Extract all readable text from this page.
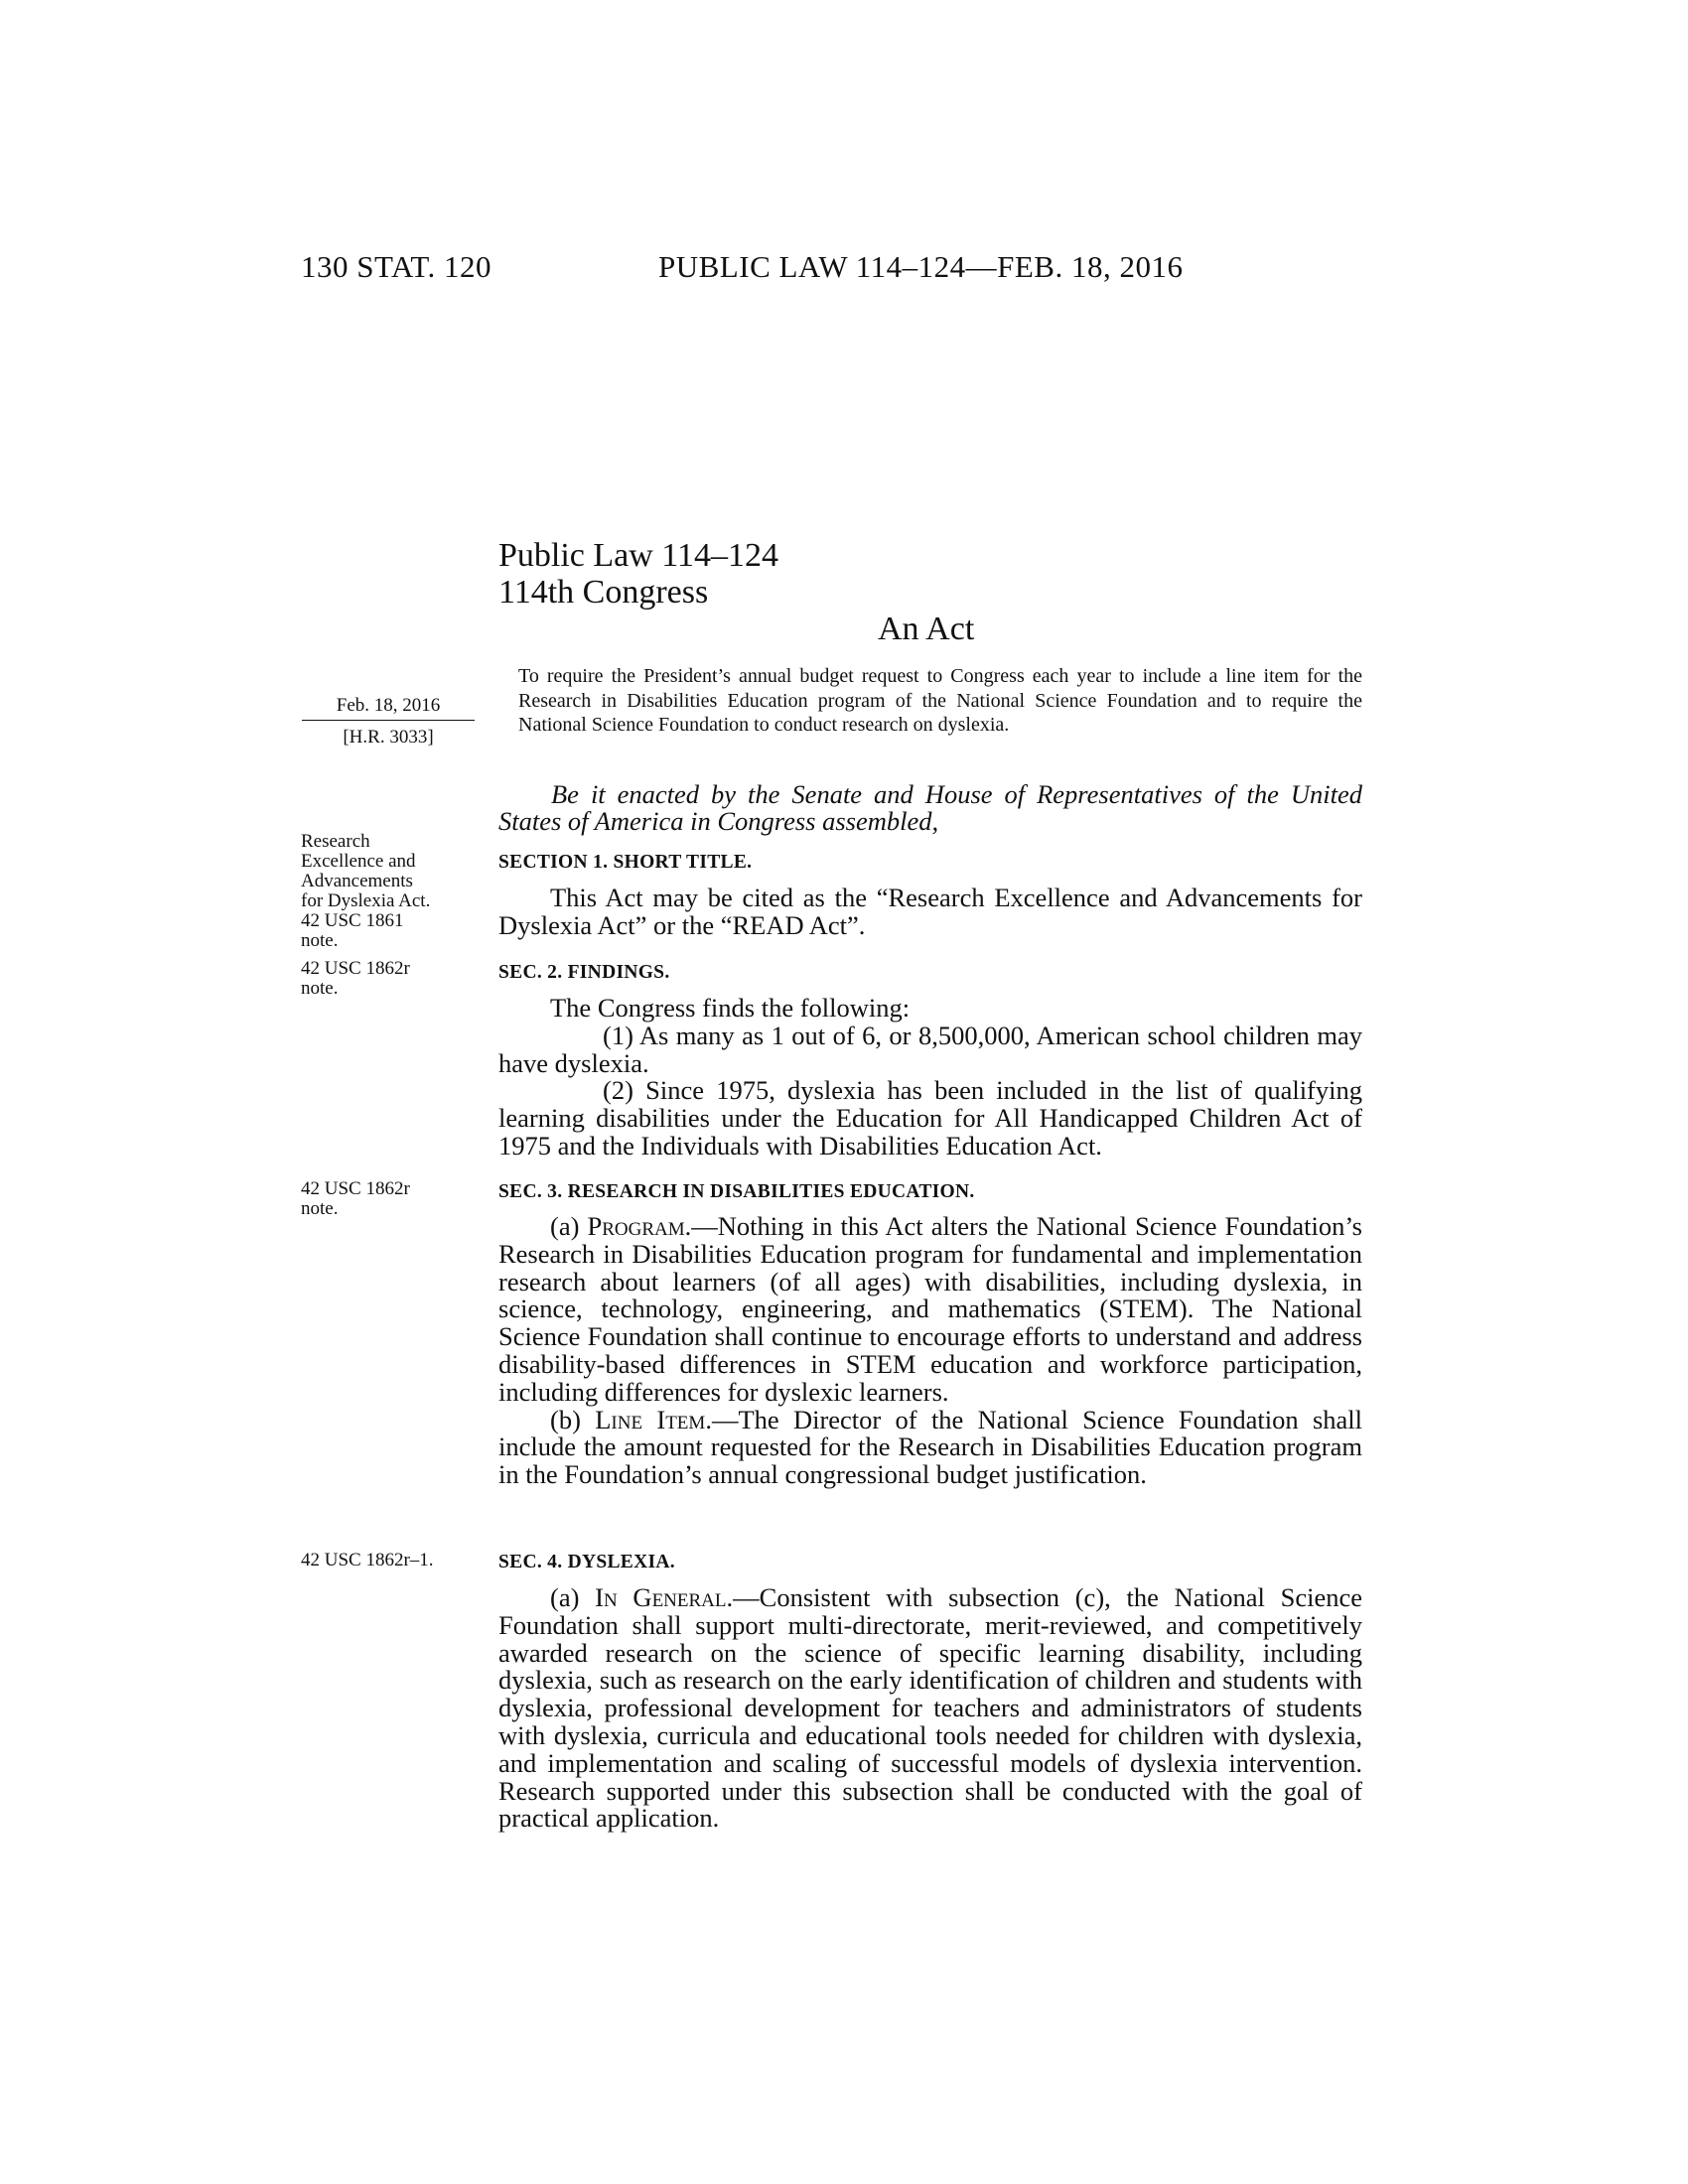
130 STAT. 120	PUBLIC LAW 114–124—FEB. 18, 2016
Public Law 114–124
114th Congress
An Act
Feb. 18, 2016
[H.R. 3033]
To require the President’s annual budget request to Congress each year to include a line item for the Research in Disabilities Education program of the National Science Foundation and to require the National Science Foundation to conduct research on dyslexia.
Be it enacted by the Senate and House of Representatives of the United States of America in Congress assembled,
Research
Excellence and
Advancements
for Dyslexia Act.
42 USC 1861
note.
SECTION 1. SHORT TITLE.

This Act may be cited as the “Research Excellence and Advancements for Dyslexia Act” or the “READ Act”.

42 USC 1862r
note.
SEC. 2. FINDINGS.

The Congress finds the following:

(1) As many as 1 out of 6, or 8,500,000, American school children may have dyslexia.

(2) Since 1975, dyslexia has been included in the list of qualifying learning disabilities under the Education for All Handicapped Children Act of 1975 and the Individuals with Disabilities Education Act.

42 USC 1862r
note.
SEC. 3. RESEARCH IN DISABILITIES EDUCATION.

(a) Program.—Nothing in this Act alters the National Science Foundation’s Research in Disabilities Education program for fundamental and implementation research about learners (of all ages) with disabilities, including dyslexia, in science, technology, engineering, and mathematics (STEM). The National Science Foundation shall continue to encourage efforts to understand and address disability-based differences in STEM education and workforce participation, including differences for dyslexic learners.

(b) Line Item.—The Director of the National Science Foundation shall include the amount requested for the Research in Disabilities Education program in the Foundation’s annual congressional budget justification.

42 USC 1862r–1.	SEC. 4. DYSLEXIA.

(a) In General.—Consistent with subsection (c), the National Science Foundation shall support multi-directorate, merit-reviewed, and competitively awarded research on the science of specific learning disability, including dyslexia, such as research on the early identification of children and students with dyslexia, professional development for teachers and administrators of students with dyslexia, curricula and educational tools needed for children with dyslexia, and implementation and scaling of successful models of dyslexia intervention. Research supported under this subsection shall be conducted with the goal of practical application.
